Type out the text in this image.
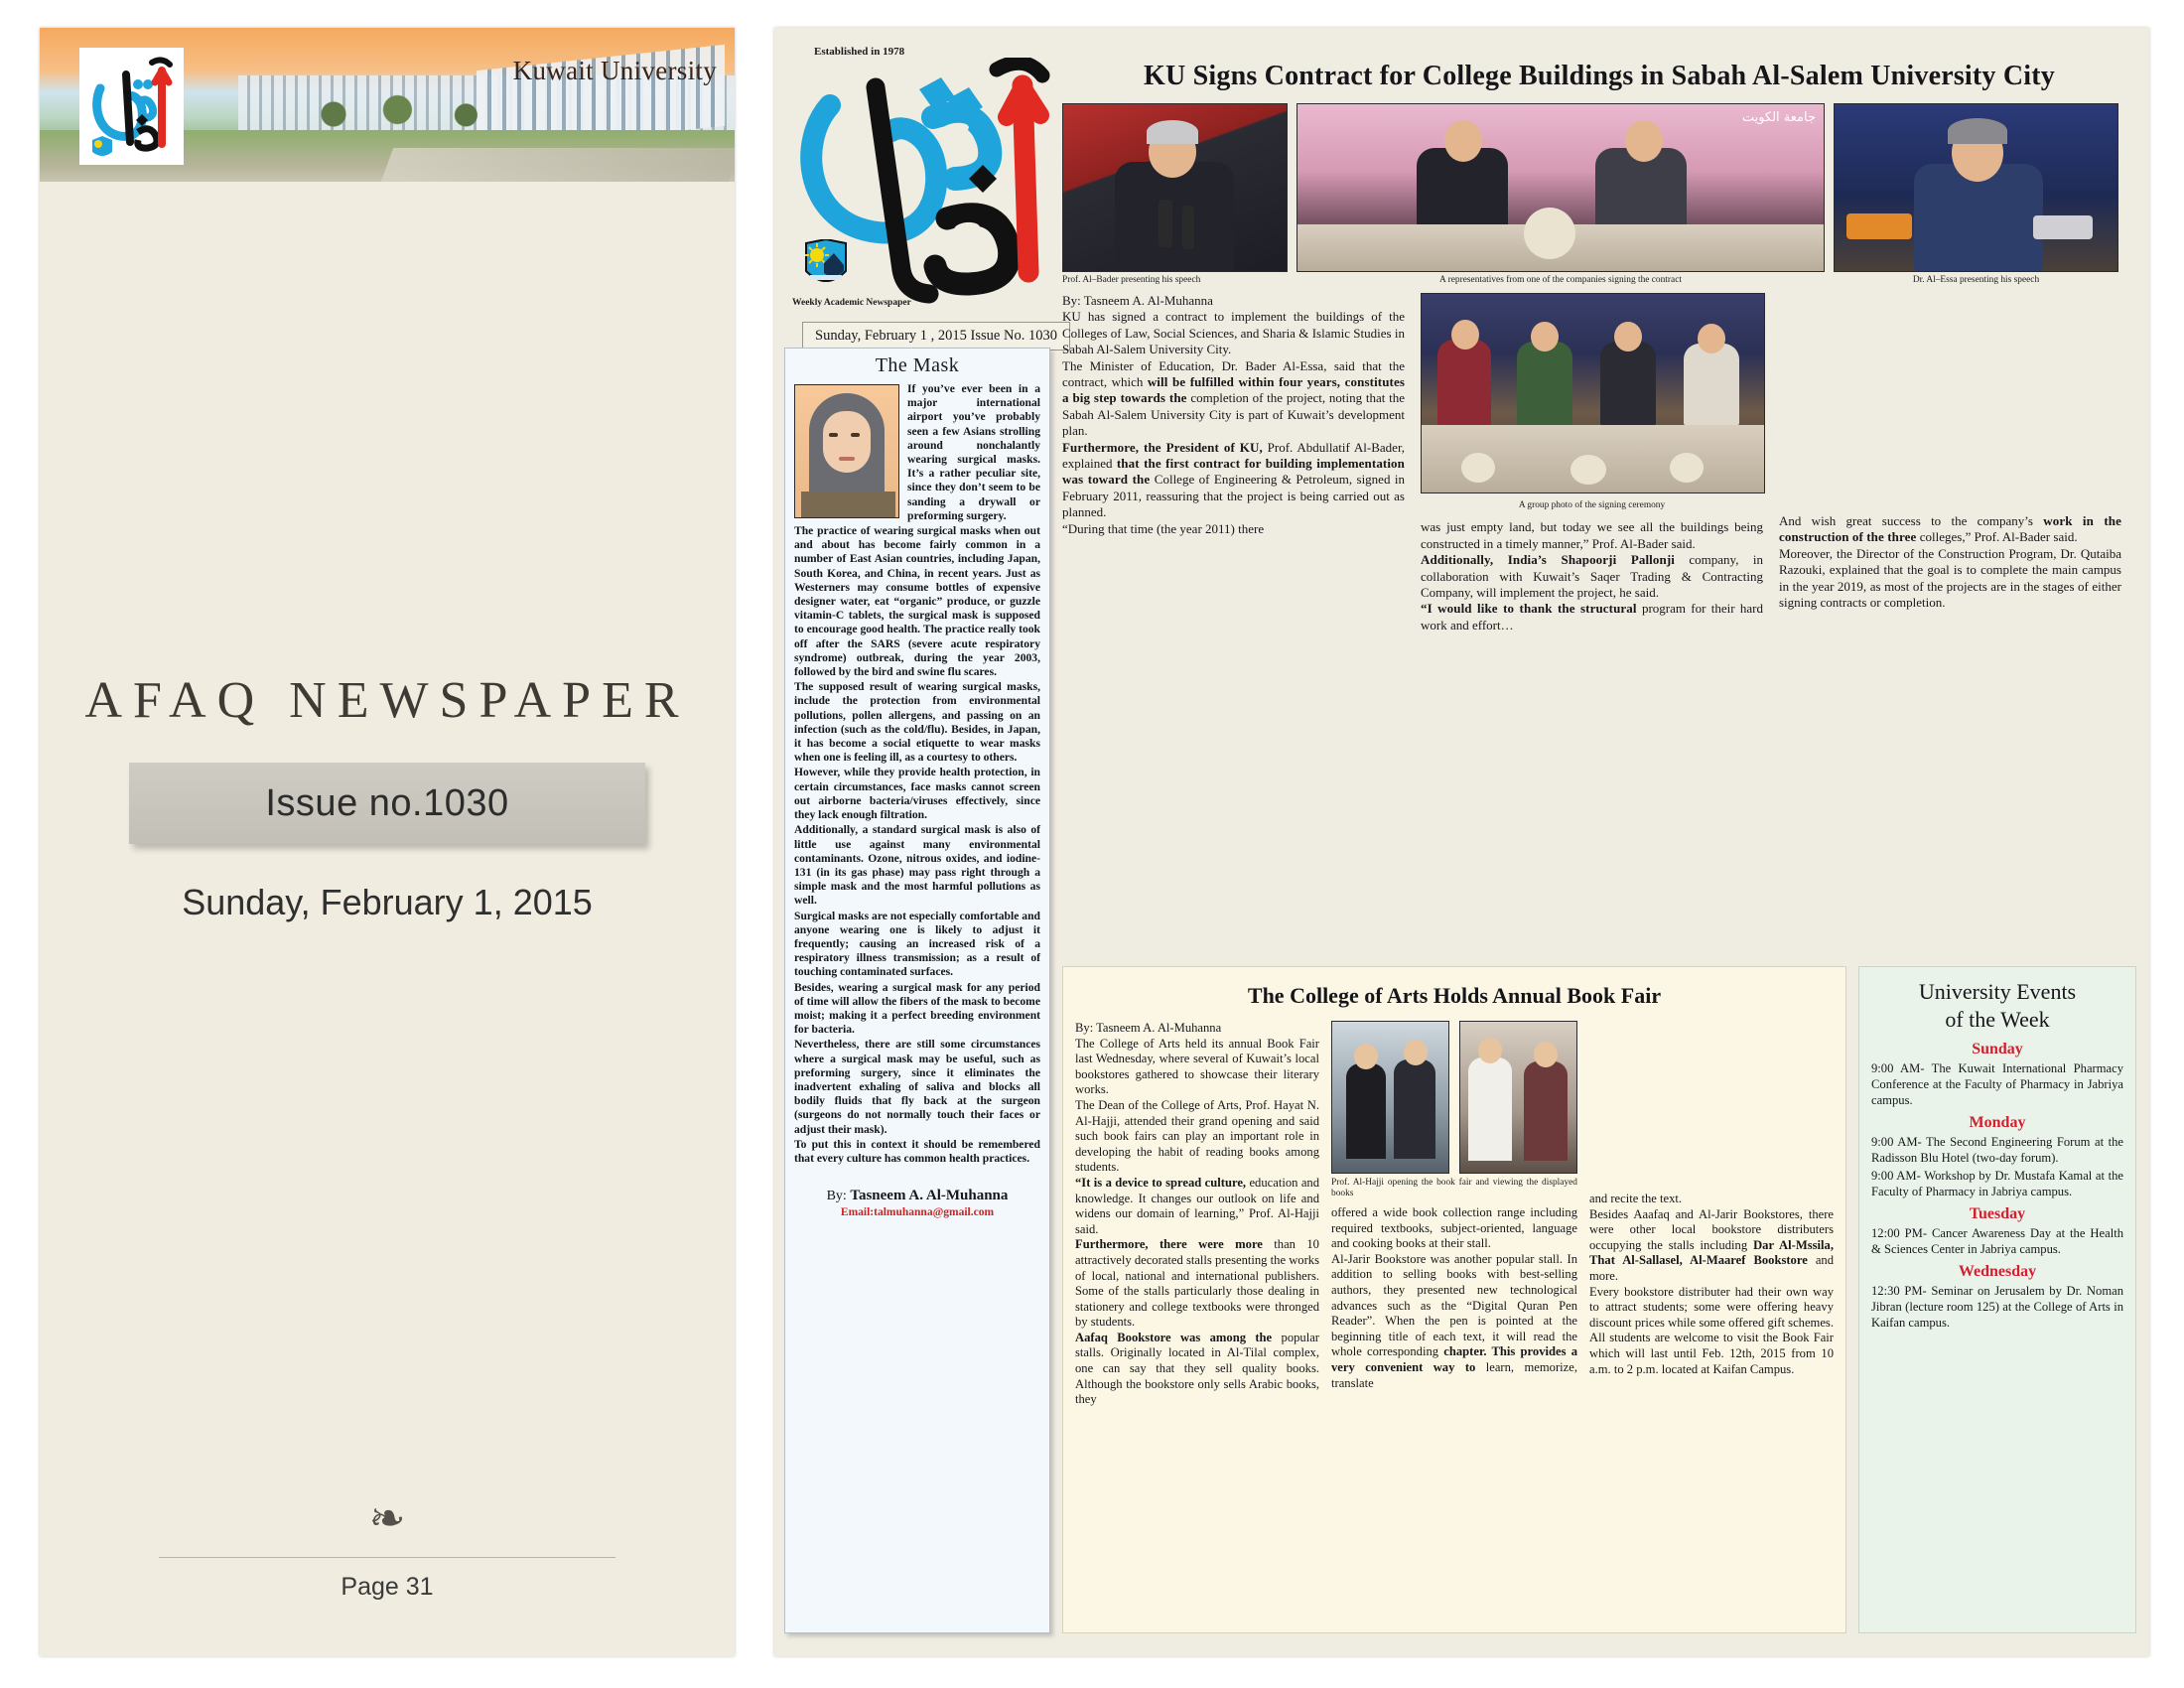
Kuwait University
AFAQ NEWSPAPER
Issue no.1030
Sunday, February 1, 2015
❧
Page 31
Established in 1978
Weekly Academic Newspaper
Sunday, February 1 , 2015 Issue No. 1030
The Mask

If you’ve ever been in a major international airport you’ve probably seen a few Asians strolling around nonchalantly wearing surgical masks. It’s a rather peculiar site, since they don’t seem to be sanding a drywall or preforming surgery.

The practice of wearing surgical masks when out and about has become fairly common in a number of East Asian countries, including Japan, South Korea, and China, in recent years. Just as Westerners may consume bottles of expensive designer water, eat “organic” produce, or guzzle vitamin-C tablets, the surgical mask is supposed to encourage good health. The practice really took off after the SARS (severe acute respiratory syndrome) outbreak, during the year 2003, followed by the bird and swine flu scares.

The supposed result of wearing surgical masks, include the protection from environmental pollutions, pollen allergens, and passing on an infection (such as the cold/flu). Besides, in Japan, it has become a social etiquette to wear masks when one is feeling ill, as a courtesy to others.

However, while they provide health protection, in certain circumstances, face masks cannot screen out airborne bacteria/viruses effectively, since they lack enough filtration.

Additionally, a standard surgical mask is also of little use against many environmental contaminants. Ozone, nitrous oxides, and iodine-131 (in its gas phase) may pass right through a simple mask and the most harmful pollutions as well.

Surgical masks are not especially comfortable and anyone wearing one is likely to adjust it frequently; causing an increased risk of a respiratory illness transmission; as a result of touching contaminated surfaces.

Besides, wearing a surgical mask for any period of time will allow the fibers of the mask to become moist; making it a perfect breeding environment for bacteria.

Nevertheless, there are still some circumstances where a surgical mask may be useful, such as preforming surgery, since it eliminates the inadvertent exhaling of saliva and blocks all bodily fluids that fly back at the surgeon (surgeons do not normally touch their faces or adjust their mask).

To put this in context it should be remembered that every culture has common health practices.

By: Tasneem A. Al-Muhanna
Email:talmuhanna@gmail.com
KU Signs Contract for College Buildings in Sabah Al-Salem University City
Prof. Al–Bader presenting his speech
جامعة الكويت
A representatives from one of the companies signing the contract	Dr. Al–Essa presenting his speech

By: Tasneem A. Al-Muhanna

KU has signed a contract to implement the buildings of the Colleges of Law, Social Sciences, and Sharia & Islamic Studies in Sabah Al-Salem University City.

The Minister of Education, Dr. Bader Al-Essa, said that the contract, which will be fulfilled within four years, constitutes a big step towards the completion of the project, noting that the Sabah Al-Salem University City is part of Kuwait’s development plan.

Furthermore, the President of KU, Prof. Abdullatif Al-Bader, explained that the first contract for building implementation was toward the College of Engineering & Petroleum, signed in February 2011, reassuring that the project is being carried out as planned.

“During that time (the year 2011) there

A group photo of the signing ceremony

was just empty land, but today we see all the buildings being constructed in a timely manner,” Prof. Al-Bader said.

Additionally, India’s Shapoorji Pallonji company, in collaboration with Kuwait’s Saqer Trading & Contracting Company, will implement the project, he said.

“I would like to thank the structural program for their hard work and effort…

And wish great success to the company’s work in the construction of the three colleges,” Prof. Al-Bader said.

Moreover, the Director of the Construction Program, Dr. Qutaiba Razouki, explained that the goal is to complete the main campus in the year 2019, as most of the projects are in the stages of either signing contracts or completion.

The College of Arts Holds Annual Book Fair

By: Tasneem A. Al-Muhanna

The College of Arts held its annual Book Fair last Wednesday, where several of Kuwait’s local bookstores gathered to showcase their literary works.

The Dean of the College of Arts, Prof. Hayat N. Al-Hajji, attended their grand opening and said such book fairs can play an important role in developing the habit of reading books among students.

“It is a device to spread culture, education and knowledge. It changes our outlook on life and widens our domain of learning,” Prof. Al-Hajji said.

Furthermore, there were more than 10 attractively decorated stalls presenting the works of local, national and international publishers. Some of the stalls particularly those dealing in stationery and college textbooks were thronged by students.

Aafaq Bookstore was among the popular stalls. Originally located in Al-Tilal complex, one can say that they sell quality books. Although the bookstore only sells Arabic books, they

Prof. Al-Hajji opening the book fair and viewing the displayed books

offered a wide book collection range including required textbooks, subject-oriented, language and cooking books at their stall.

Al-Jarir Bookstore was another popular stall. In addition to selling books with best-selling authors, they presented new technological advances such as the “Digital Quran Pen Reader”. When the pen is pointed at the beginning title of each text, it will read the whole corresponding chapter. This provides a very convenient way to learn, memorize, translate

and recite the text.

Besides Aaafaq and Al-Jarir Bookstores, there were other local bookstore distributers occupying the stalls including Dar Al-Mssila, That Al-Sallasel, Al-Maaref Bookstore and more.

Every bookstore distributer had their own way to attract students; some were offering heavy discount prices while some offered gift schemes. All students are welcome to visit the Book Fair which will last until Feb. 12th, 2015 from 10 a.m. to 2 p.m. located at Kaifan Campus.

University Events
of the Week
Sunday
9:00 AM- The Kuwait International Pharmacy Conference at the Faculty of Pharmacy in Jabriya campus.
Monday
9:00 AM- The Second Engineering Forum at the Radisson Blu Hotel (two-day forum).
9:00 AM- Workshop by Dr. Mustafa Kamal at the Faculty of Pharmacy in Jabriya campus.
Tuesday
12:00 PM- Cancer Awareness Day at the Health & Sciences Center in Jabriya campus.
Wednesday
12:30 PM- Seminar on Jerusalem by Dr. Noman Jibran (lecture room 125) at the College of Arts in Kaifan campus.
